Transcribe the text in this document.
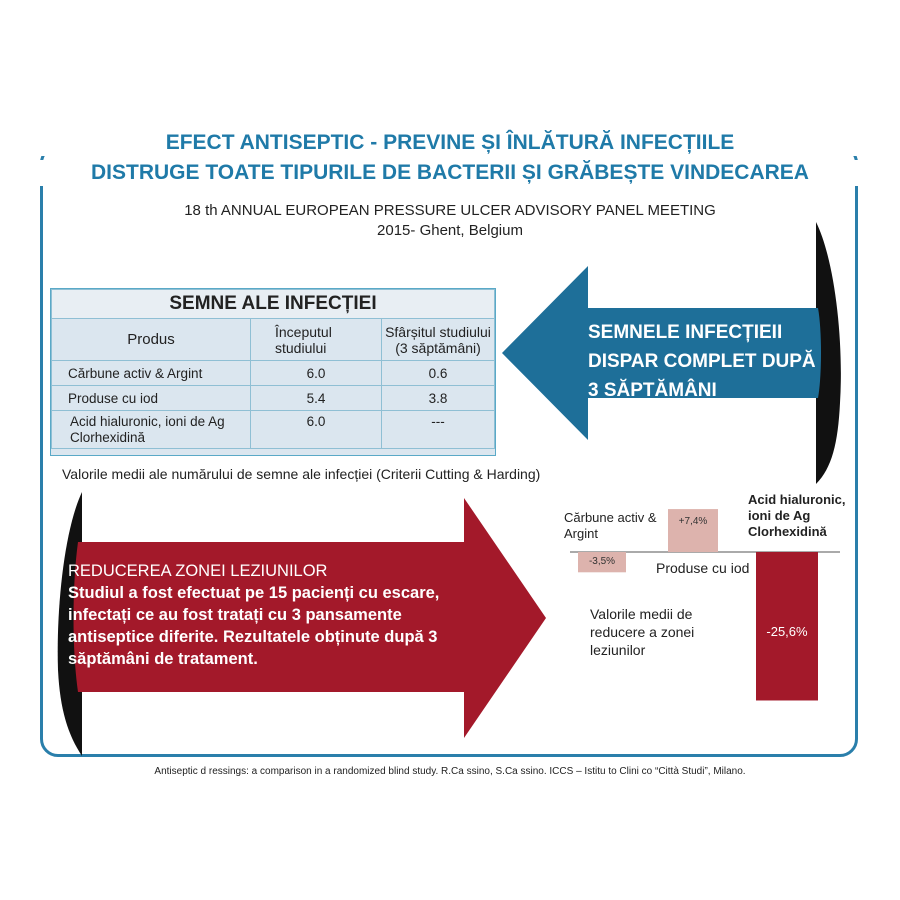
EFECT ANTISEPTIC - PREVINE ȘI ÎNLĂTURĂ INFECȚIILE
DISTRUGE TOATE TIPURILE DE BACTERII ȘI GRĂBEȘTE VINDECAREA
18 th ANNUAL EUROPEAN PRESSURE ULCER ADVISORY PANEL MEETING
2015- Ghent, Belgium
SEMNELE INFECȚIEII
DISPAR COMPLET DUPĂ
3 SĂPTĂMÂNI
SEMNE ALE INFECȚIEI		
Produs	Începutul studiului	Sfârșitul studiului (3 săptămâni)
Cărbune activ & Argint	6.0	0.6
Produse cu iod	5.4	3.8
Acid hialuronic, ioni de Ag Clorhexidină	6.0	---
Valorile medii ale numărului de semne ale infecției (Criterii Cutting & Harding)
REDUCEREA ZONEI LEZIUNILOR
Studiul a fost efectuat pe 15 pacienți cu escare, infectați ce au fost tratați cu 3 pansamente antiseptice diferite. Rezultatele obținute după 3 săptămâni de tratament.
Cărbune activ & Argint
Produse cu iod
Acid hialuronic, ioni de Ag Clorhexidină
Valorile medii de reducere a zonei leziunilor
-3,5%
+7,4%
-25,6%
Antiseptic d ressings: a comparison in a randomized blind study. R.Ca ssino, S.Ca ssino. ICCS – Istitu to Clini co “Città Studi”, Milano.
